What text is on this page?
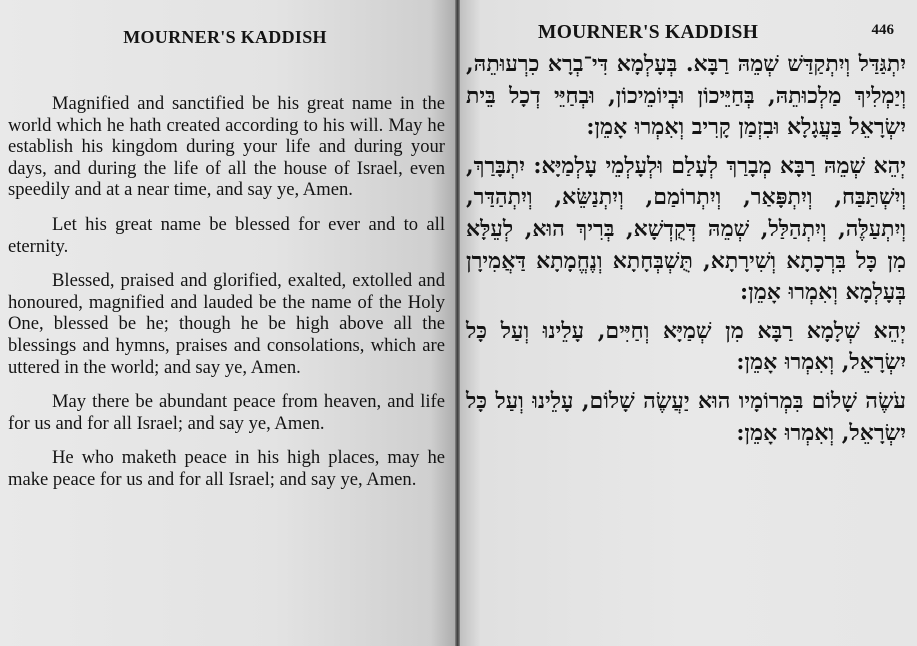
MOURNER'S KADDISH

Magnified and sanctified be his great name in the world which he hath created according to his will. May he establish his kingdom during your life and during your days, and during the life of all the house of Israel, even speedily and at a near time, and say ye, Amen.

Let his great name be blessed for ever and to all eternity.

Blessed, praised and glorified, exalted, extolled and honoured, magnified and lauded be the name of the Holy One, blessed be he; though he be high above all the blessings and hymns, praises and consolations, which are uttered in the world; and say ye, Amen.

May there be abundant peace from heaven, and life for us and for all Israel; and say ye, Amen.

He who maketh peace in his high places, may he make peace for us and for all Israel; and say ye, Amen.

MOURNER'S KADDISH	446

יִתְגַּדַּל וְיִתְקַדַּשׁ שְׁמֵהּ רַבָּא. בְּעָלְמָא דִּי־בְרָא כִרְעוּתֵהּ, וְיַמְלִיךְ מַלְכוּתֵהּ, בְּחַיֵּיכוֹן וּבְיוֹמֵיכוֹן, וּבְחַיֵּי דְכָל בֵּית יִשְׂרָאֵל בַּעֲגָלָא וּבִזְמַן קָרִיב וְאִמְרוּ אָמֵן:

יְהֵא שְׁמֵהּ רַבָּא מְבָרַךְ לְעָלַם וּלְעָלְמֵי עָלְמַיָּא: יִתְבָּרַךְ, וְיִשְׁתַּבַּח, וְיִתְפָּאַר, וְיִתְרוֹמַם, וְיִתְנַשֵּׂא, וְיִתְהַדַּר, וְיִתְעַלֶּה, וְיִתְהַלַּל, שְׁמֵהּ דְּקֻדְשָׁא, בְּרִיךְ הוּא, לְעֵלָּא מִן כָּל בִּרְכָתָא וְשִׁירָתָא, תֻּשְׁבְּחָתָא וְנֶחֱמָתָא דַּאֲמִירָן בְּעָלְמָא וְאִמְרוּ אָמֵן:

יְהֵא שְׁלָמָא רַבָּא מִן שְׁמַיָּא וְחַיִּים, עָלֵינוּ וְעַל כָּל יִשְׂרָאֵל, וְאִמְרוּ אָמֵן:

עֹשֶׂה שָׁלוֹם בִּמְרוֹמָיו הוּא יַעֲשֶׂה שָׁלוֹם, עָלֵינוּ וְעַל כָּל יִשְׂרָאֵל, וְאִמְרוּ אָמֵן:
